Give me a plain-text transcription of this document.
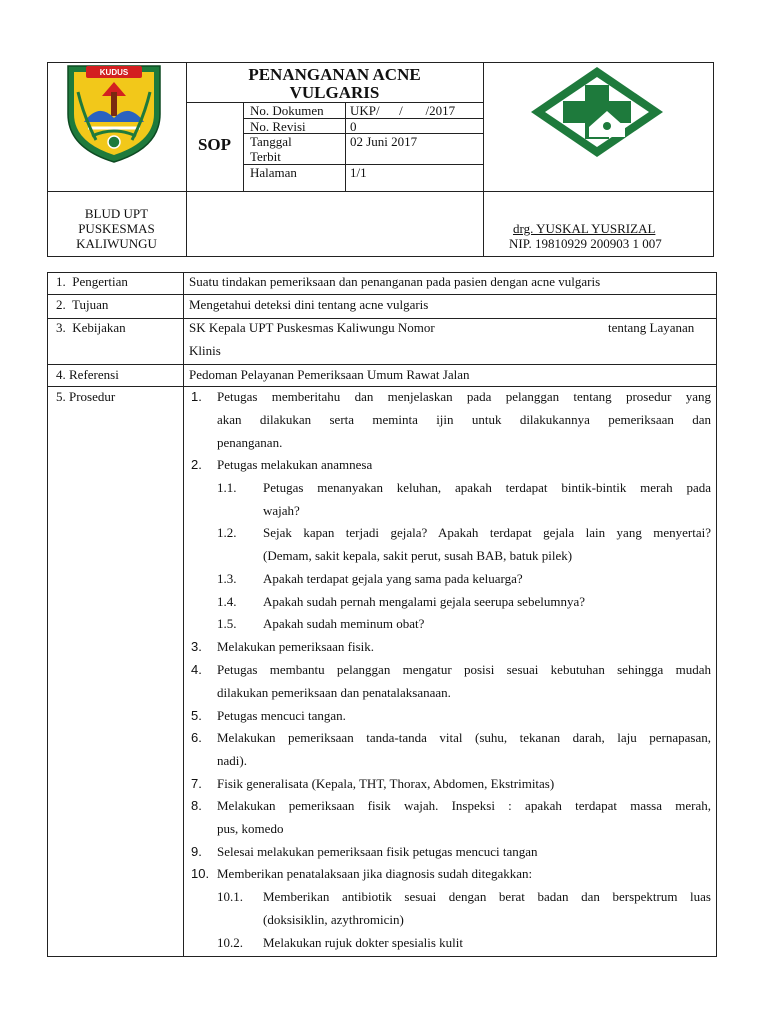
KUDUS	PENANGANAN ACNE
VULGARIS
SOP
No. Dokumen UKP/      /       /2017
No. Revisi	0
Tanggal
Terbit
02 Juni 2017
Halaman	1/1
BLUD UPT
PUSKESMAS
KALIWUNGU
drg. YUSKAL YUSRIZAL
NIP. 19810929 200903 1 007
1.  Pengertian	Suatu tindakan pemeriksaan dan penanganan pada pasien dengan acne vulgaris
2.  Tujuan	Mengetahui deteksi dini tentang acne vulgaris
3.  Kebijakan	SK Kepala UPT Puskesmas Kaliwungu Nomor	tentang Layanan
Klinis
4. Referensi	Pedoman Pelayanan Pemeriksaan Umum Rawat Jalan
5. Prosedur	1. Petugas memberitahu dan menjelaskan pada pelanggan tentang prosedur yang
akan dilakukan serta meminta ijin untuk dilakukannya pemeriksaan dan
penanganan.
2. Petugas melakukan anamnesa
1.1. Petugas menanyakan keluhan, apakah terdapat bintik-bintik merah pada
wajah?
1.2. Sejak kapan terjadi gejala? Apakah terdapat gejala lain yang menyertai?
(Demam, sakit kepala, sakit perut, susah BAB, batuk pilek)
1.3. Apakah terdapat gejala yang sama pada keluarga?
1.4. Apakah sudah pernah mengalami gejala seerupa sebelumnya?
1.5. Apakah sudah meminum obat?
3. Melakukan pemeriksaan fisik.
4. Petugas membantu pelanggan mengatur posisi sesuai kebutuhan sehingga mudah
dilakukan pemeriksaan dan penatalaksanaan.
5. Petugas mencuci tangan.
6. Melakukan pemeriksaan tanda-tanda vital (suhu, tekanan darah, laju pernapasan,
nadi).
7. Fisik generalisata (Kepala, THT, Thorax, Abdomen, Ekstrimitas)
8. Melakukan pemeriksaan fisik wajah. Inspeksi : apakah terdapat massa merah,
pus, komedo
9. Selesai melakukan pemeriksaan fisik petugas mencuci tangan
10. Memberikan penatalaksaan jika diagnosis sudah ditegakkan:
10.1. Memberikan antibiotik sesuai dengan berat badan dan berspektrum luas
(doksisiklin, azythromicin)
10.2. Melakukan rujuk dokter spesialis kulit
